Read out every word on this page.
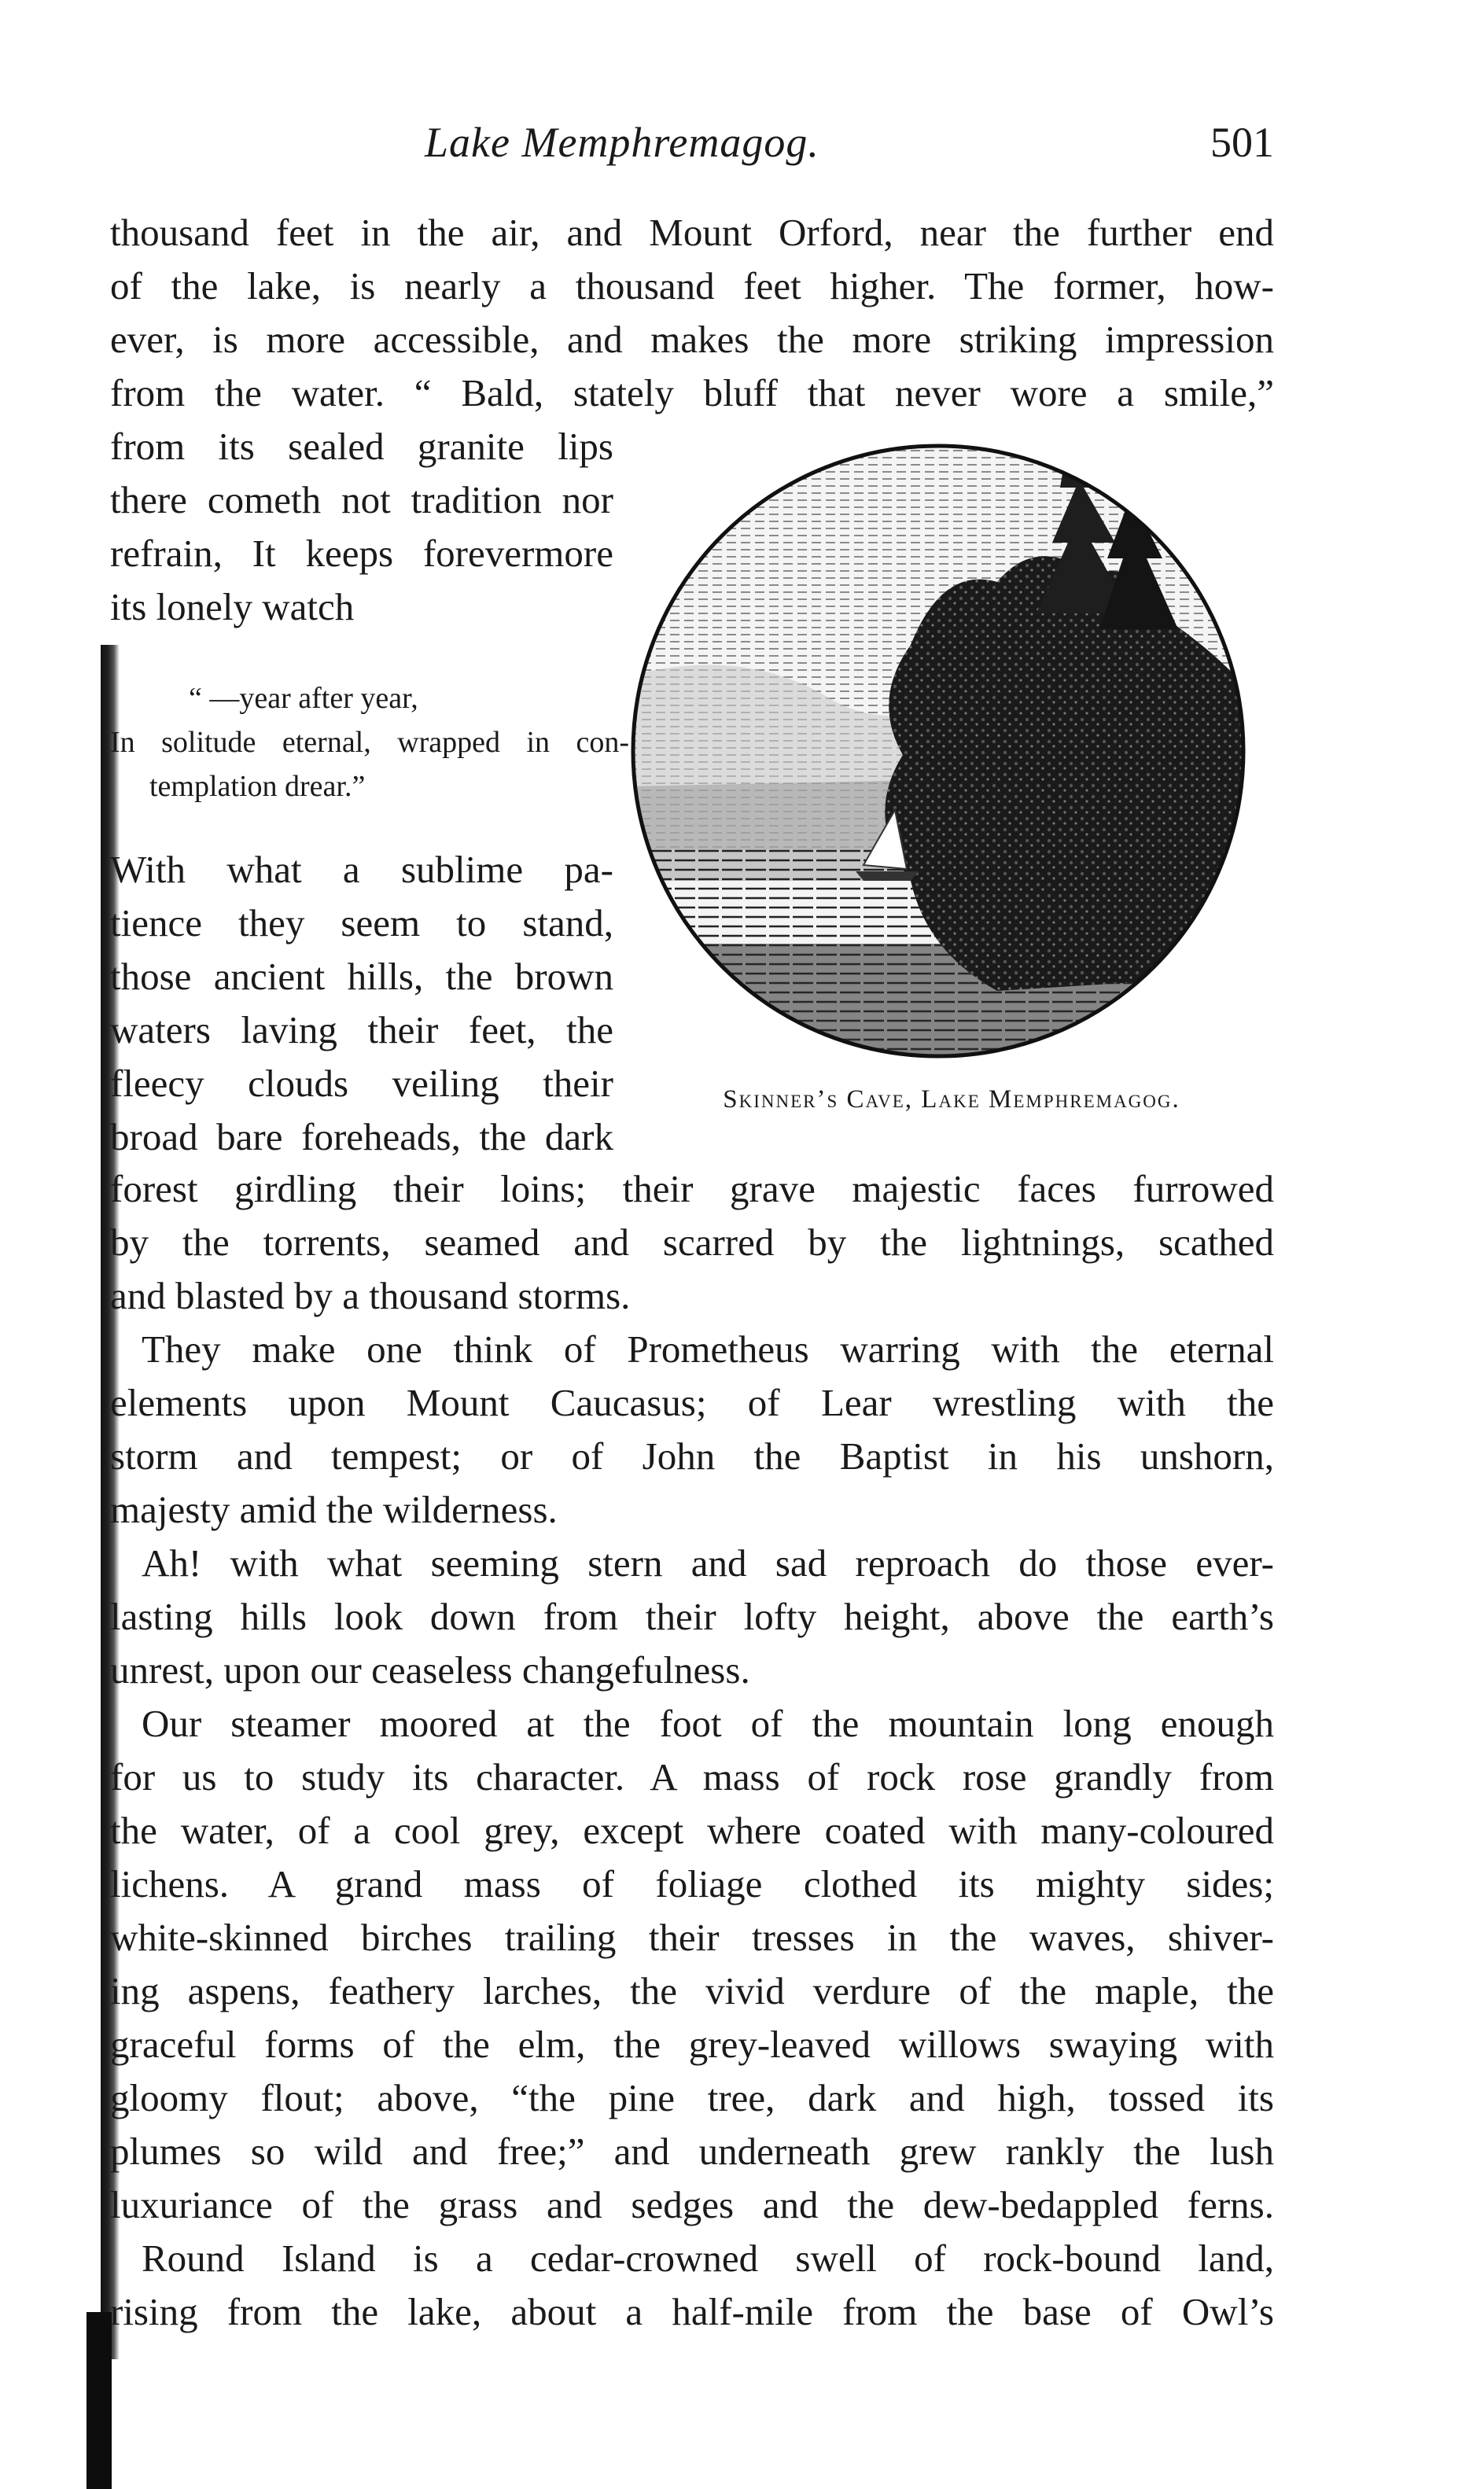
Lake Memphremagog.	501
thousand feet in the air, and Mount Orford, near the further end
of the lake, is nearly a thousand feet higher. The former, how-
ever, is more accessible, and makes the more striking impression
from the water. “ Bald, stately bluff that never wore a smile,”
from its sealed granite lips
there cometh not tradition nor
refrain, It keeps forevermore
its lonely watch
“ —year after year,
In solitude eternal, wrapped in con-
templation drear.”
With what a sublime pa-
tience they seem to stand,
those ancient hills, the brown
waters laving their feet, the
fleecy clouds veiling their
broad bare foreheads, the dark
Skinner’s Cave, Lake Memphremagog.
forest girdling their loins; their grave majestic faces furrowed
by the torrents, seamed and scarred by the lightnings, scathed
and blasted by a thousand storms.
They make one think of Prometheus warring with the eternal
elements upon Mount Caucasus; of Lear wrestling with the
storm and tempest; or of John the Baptist in his unshorn,
majesty amid the wilderness.
Ah! with what seeming stern and sad reproach do those ever-
lasting hills look down from their lofty height, above the earth’s
unrest, upon our ceaseless changefulness.
Our steamer moored at the foot of the mountain long enough
for us to study its character. A mass of rock rose grandly from
the water, of a cool grey, except where coated with many-coloured
lichens. A grand mass of foliage clothed its mighty sides;
white-skinned birches trailing their tresses in the waves, shiver-
ing aspens, feathery larches, the vivid verdure of the maple, the
graceful forms of the elm, the grey-leaved willows swaying with
gloomy flout; above, “the pine tree, dark and high, tossed its
plumes so wild and free;” and underneath grew rankly the lush
luxuriance of the grass and sedges and the dew-bedappled ferns.
Round Island is a cedar-crowned swell of rock-bound land,
rising from the lake, about a half-mile from the base of Owl’s
